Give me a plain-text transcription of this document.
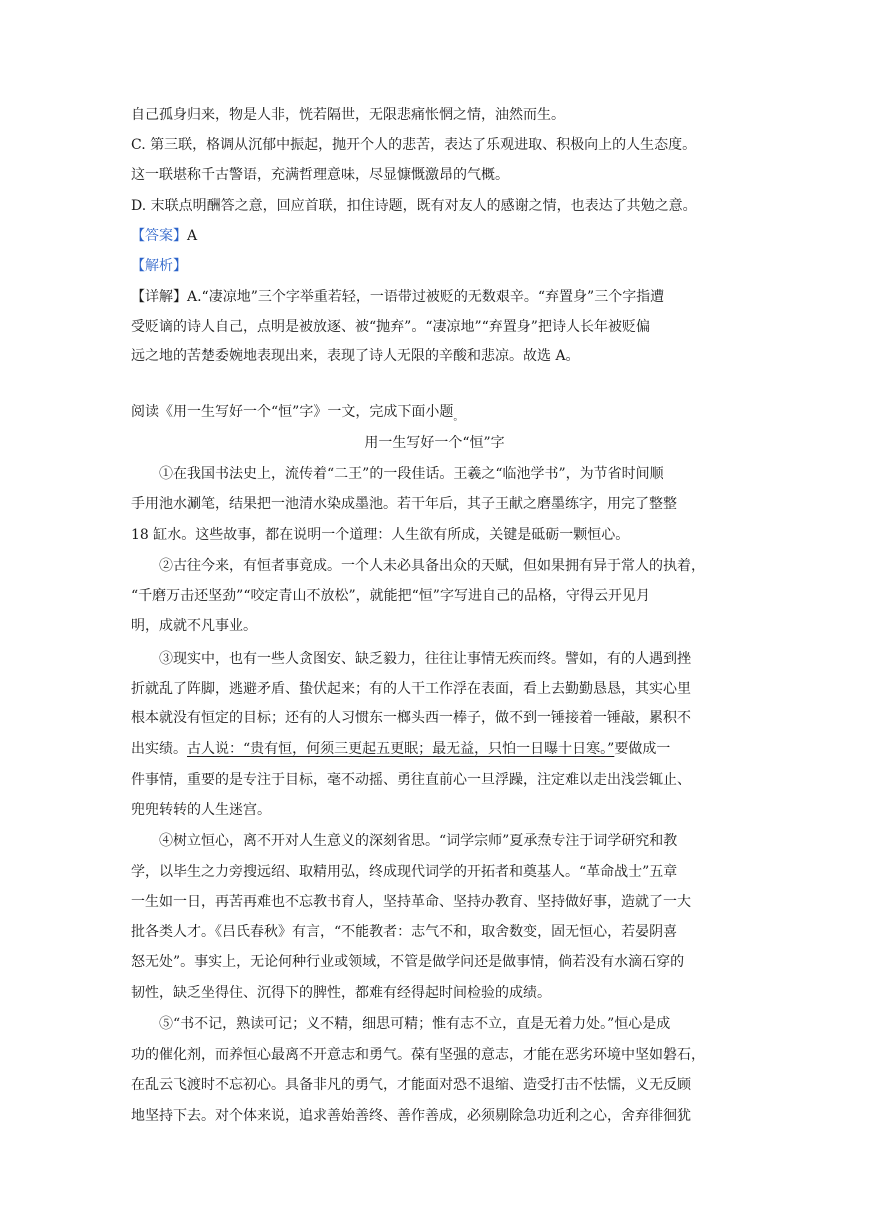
自己孤身归来，物是人非，恍若隔世，无限悲痛怅惘之情，油然而生。
C. 第三联，格调从沉郁中振起，抛开个人的悲苦，表达了乐观进取、积极向上的人生态度。
这一联堪称千古警语，充满哲理意味，尽显慷慨激昂的气概。
D. 末联点明酬答之意，回应首联，扣住诗题，既有对友人的感谢之情，也表达了共勉之意。
【答案】A
【解析】
【详解】A.“凄凉地”三个字举重若轻，一语带过被贬的无数艰辛。“弃置身”三个字指遭
受贬谪的诗人自己，点明是被放逐、被“抛弃”。“凄凉地”“弃置身”把诗人长年被贬偏
远之地的苦楚委婉地表现出来，表现了诗人无限的辛酸和悲凉。故选 A。
阅读《用一生写好一个“恒”字》一文，完成下面小题$_。$
用一生写好一个“恒”字
①在我国书法史上，流传着“二王”的一段佳话。王羲之“临池学书”，为节省时间顺
手用池水涮笔，结果把一池清水染成墨池。若干年后，其子王献之磨墨练字，用完了整整
18 缸水。这些故事，都在说明一个道理：人生欲有所成，关键是砥砺一颗恒心。
②古往今来，有恒者事竟成。一个人未必具备出众的天赋，但如果拥有异于常人的执着，
“千磨万击还坚劲”“咬定青山不放松”，就能把“恒”字写进自己的品格，守得云开见月
明，成就不凡事业。
③现实中，也有一些人贪图安、缺乏毅力，往往让事情无疾而终。譬如，有的人遇到挫
折就乱了阵脚，逃避矛盾、蛰伏起来；有的人干工作浮在表面，看上去勤勤恳恳，其实心里
根本就没有恒定的目标；还有的人习惯东一榔头西一棒子，做不到一锤接着一锤敲，累积不
出实绩。古人说：“贵有恒，何须三更起五更眠；最无益，只怕一日曝十日寒。”要做成一
件事情，重要的是专注于目标，毫不动摇、勇往直前心一旦浮躁，注定难以走出浅尝辄止、
兜兜转转的人生迷宫。
④树立恒心，离不开对人生意义的深刻省思。“词学宗师”夏承焘专注于词学研究和教
学，以毕生之力旁搜远绍、取精用弘，终成现代词学的开拓者和奠基人。“革命战士”五章
一生如一日，再苦再难也不忘教书育人，坚持革命、坚持办教育、坚持做好事，造就了一大
批各类人才。《吕氏春秋》有言，“不能教者：志气不和，取舍数变，固无恒心，若晏阴喜
怒无处”。事实上，无论何种行业或领域，不管是做学问还是做事情，倘若没有水滴石穿的
韧性，缺乏坐得住、沉得下的脾性，都难有经得起时间检验的成绩。
⑤“书不记，熟读可记；义不精，细思可精；惟有志不立，直是无着力处。”恒心是成
功的催化剂，而养恒心最离不开意志和勇气。葆有坚强的意志，才能在恶劣环境中坚如磐石，
在乱云飞渡时不忘初心。具备非凡的勇气，才能面对恐不退缩、造受打击不怯懦，义无反顾
地坚持下去。对个体来说，追求善始善终、善作善成，必须剔除急功近利之心，舍弃徘徊犹
